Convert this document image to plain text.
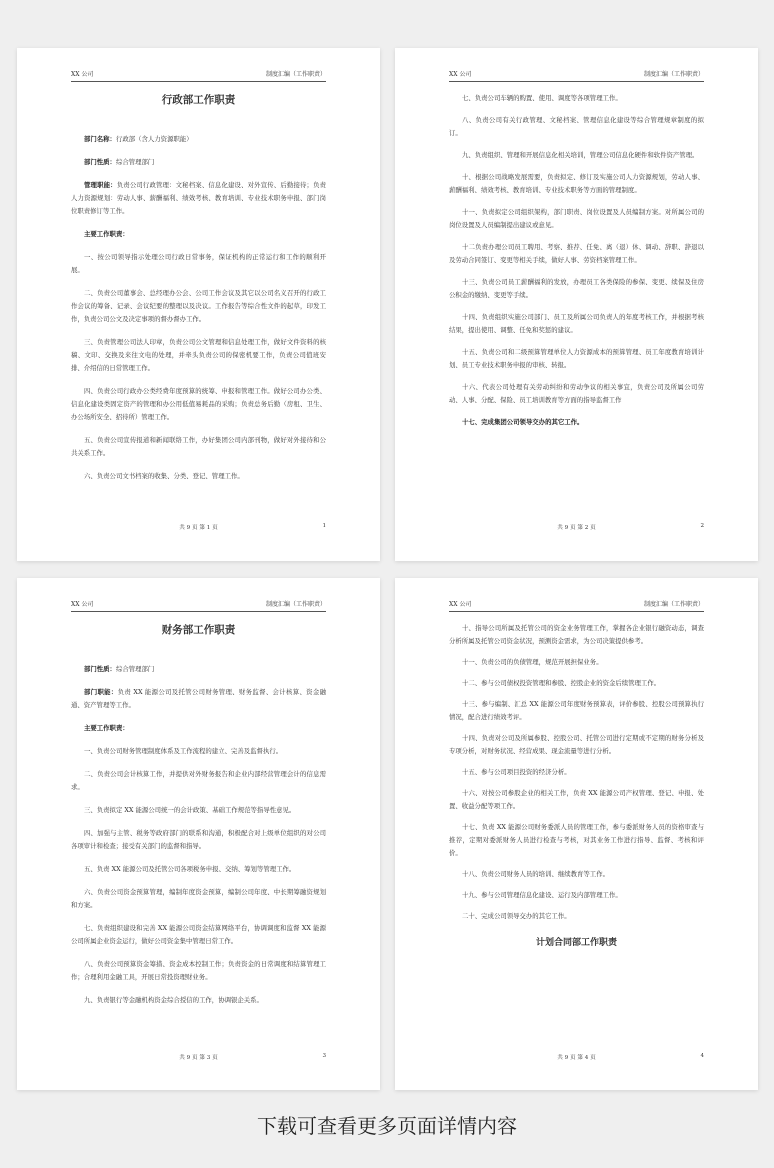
XX 公司	制度汇编（工作职责）
行政部工作职责
部门名称：行政部（含人力资源职能）
部门性质：综合管理部门
管理职能：负责公司行政管理：文秘档案、信息化建设、对外宣传、后勤接待；负责人力资源规划：劳动人事、薪酬福利、绩效考核、教育培训、专业技术职务申报、部门岗位职责修订等工作。
主要工作职责：
一、按公司领导指示处理公司行政日常事务，保证机构的正常运行和工作的顺利开展。
二、负责公司董事会、总经理办公会、公司工作会议及其它以公司名义召开的行政工作会议的筹备、记录、会议纪要的整理以及决议。工作报告等综合性文件的起草，印发工作，负责公司公文及决定事项的督办督办工作。
三、负责管理公司法人印章，负责公司公文管理和信息处理工作，做好文件资料的核稿、文印、交换及来往文电的处理，并牵头负责公司的保密机要工作，负责公司值班安排、介绍信的日常管理工作。
四、负责公司行政办公类经费年度预算的统筹、申报和管理工作。做好公司办公类、信息化建设类固定资产的管理和办公用低值易耗品的采购；负责总务后勤（房租、卫生、办公场所安全、招待所）管理工作。
五、负责公司宣传报道和新闻联络工作，办好集团公司内部刊物，做好对外接待和公共关系工作。
六、负责公司文书档案的收集、分类、登记、管理工作。
共 9 页 第 1 页	1
XX 公司	制度汇编（工作职责）
七、负责公司车辆的购置、使用、调度等各项管理工作。
八、负责公司有关行政管理、文秘档案、管理信息化建设等综合管理规章制度的拟订。
九、负责组织、管理和开展信息化相关培训，管理公司信息化硬件和软件资产管理。
十、根据公司战略发展需要，负责拟定、修订及实施公司人力资源规划，劳动人事、薪酬福利、绩效考核、教育培训、专业技术职务等方面的管理制度。
十一、负责拟定公司组织架构，部门职责、岗位设置及人员编制方案。对所属公司的岗位设置及人员编制提出建议或意见。
十二负责办理公司员工聘用、考察、推荐、任免、离（退）休、调动、辞职、辞退以及劳动合同签订、变更等相关手续，做好人事、劳资档案管理工作。
十三、负责公司员工薪酬福利的发放，办理员工各类保险的参保、变更、续保及住房公积金的缴纳、变更等手续。
十四、负责组织实施公司部门、员工及所属公司负责人的年度考核工作，并根据考核结果，提出使用、调整、任免和奖惩的建议。
十五、负责公司和二级预算管理单位人力资源成本的预算管理、员工年度教育培训计划、员工专业技术职务申报的审核、转报。
十六、代表公司处理有关劳动纠纷和劳动争议的相关事宜，负责公司及所属公司劳动、人事、分配、保险、员工培训教育等方面的指导监督工作
十七、完成集团公司领导交办的其它工作。
共 9 页 第 2 页	2
XX 公司	制度汇编（工作职责）
财务部工作职责
部门性质：综合管理部门
部门职能：负责 XX 能源公司及托管公司财务管理、财务监督、会计核算、资金融通、资产管理等工作。
主要工作职责：
一、负责公司财务管理制度体系及工作流程的建立、完善及监督执行。
二、负责公司会计核算工作，并提供对外财务报告和企业内部经营管理会计的信息需求。
三、负责拟定 XX 能源公司统一的会计政策、基础工作规范等指导性意见。
四、加强与主管、税务等政府部门的联系和沟通，积极配合对上级单位组织的对公司各项审计和检查；接受有关部门的监督和指导。
五、负责 XX 能源公司及托管公司各项税务申报、交纳、筹划等管理工作。
六、负责公司资金预算管理，编制年度资金预算，编制公司年度、中长期筹融资规划和方案。
七、负责组织建设和完善 XX 能源公司资金结算网络平台，协调调度和监督 XX 能源公司所属企业资金运行，做好公司资金集中管理日常工作。
八、负责公司预算资金筹措、资金成本控制工作；负责资金的日常调度和结算管理工作；合理利用金融工具，开展日常投资理财业务。
九、负责银行等金融机构资金综合授信的工作，协调银企关系。
共 9 页 第 3 页	3
XX 公司	制度汇编（工作职责）
十、指导公司所属及托管公司的资金业务管理工作，掌握各企业银行融资动态，调查分析所属及托管公司资金状况，预测资金需求，为公司决策提供参考。
十一、负责公司的负债管理，规范开展担保业务。
十二、参与公司债权投资管理和参股、控股企业的资金后续管理工作。
十三、参与编制、汇总 XX 能源公司年度财务预算表，评价参股、控股公司预算执行情况，配合进行绩效考评。
十四、负责对公司及所属参股、控股公司、托管公司进行定期或不定期的财务分析及专项分析，对财务状况、经营成果、现金流量等进行分析。
十五、参与公司项目投资的经济分析。
十六、对按公司参股企业的相关工作，负责 XX 能源公司产权管理、登记、申报、处置、收益分配等项工作。
十七、负责 XX 能源公司财务委派人员的管理工作，参与委派财务人员的资格审查与推荐，定期对委派财务人员进行检查与考核，对其业务工作进行指导、监督、考核和评价。
十八、负责公司财务人员的培训、继续教育等工作。
十九、参与公司管理信息化建设、运行及内部管理工作。
二十、完成公司领导交办的其它工作。
计划合同部工作职责
共 9 页 第 4 页	4
下载可查看更多页面详情内容
